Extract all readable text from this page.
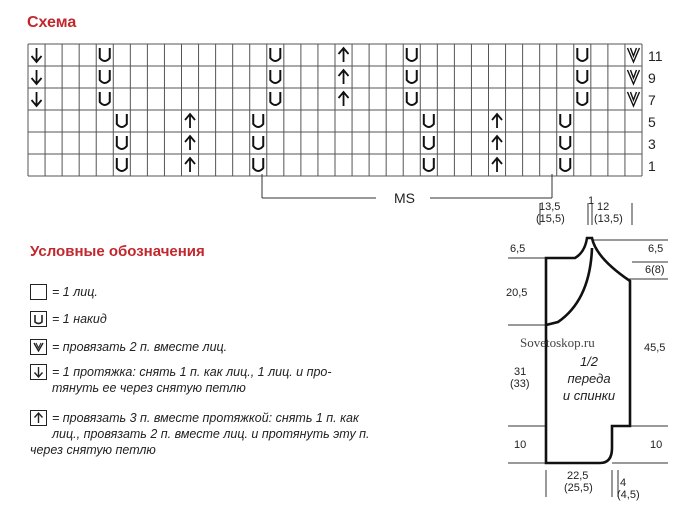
Схема
11
9
7
5
3
1
MS
Условные обозначения
= 1 лиц.
= 1 накид
= провязать 2 п. вместе лиц.
= 1 протяжка: снять 1 п. как лиц., 1 лиц. и про-
тянуть ее через снятую петлю
= провязать 3 п. вместе протяжкой: снять 1 п. как
лиц., провязать 2 п. вместе лиц. и протянуть эту п.
через снятую петлю
13,5
(15,5)
1 12
(13,5)
6,5
20,5
31
(33)
10
6,5
6(8)
45,5
10
22,5
(25,5) 4
(4,5)
Sovetoskop.ru
1/2
переда
и спинки
